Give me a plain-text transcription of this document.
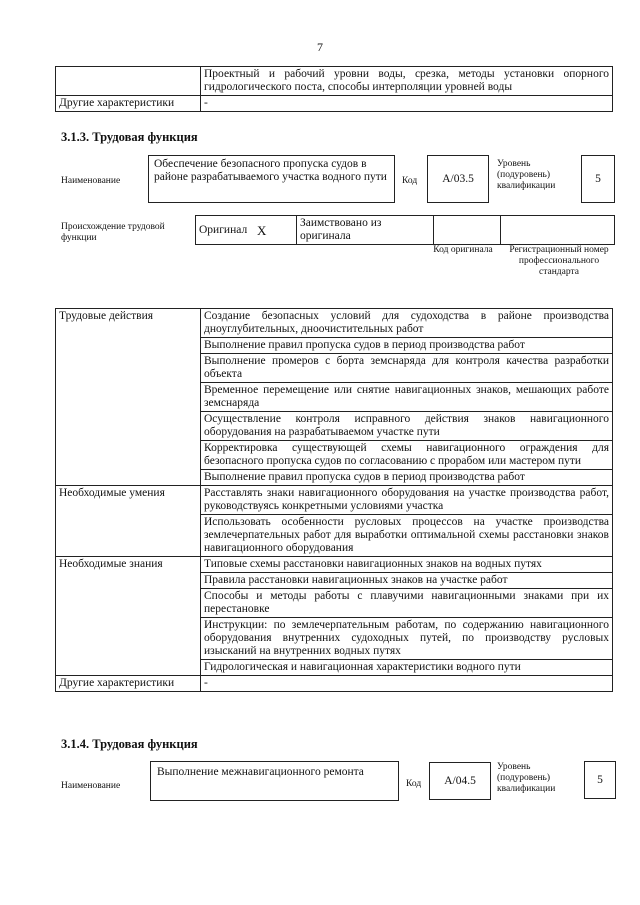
7
	Проектный и рабочий уровни воды, срезка, методы установки опорного гидрологического поста, способы интерполяции уровней воды
Другие характеристики	-
3.1.3. Трудовая функция
Наименование
Обеспечение безопасного пропуска судов в районе разрабатываемого участка водного пути	Код	A/03.5
Уровень (подуровень) квалификации
5
Происхождение трудовой функции
Оригинал	X	Заимствовано из оригинала		
Код оригинала	Регистрационный номер профессионального стандарта
Трудовые действия	Создание безопасных условий для судоходства в районе производства дноуглубительных, дноочистительных работ
	Выполнение правил пропуска судов в период производства работ
	Выполнение промеров с борта земснаряда для контроля качества разработки объекта
	Временное перемещение или снятие навигационных знаков, мешающих работе земснаряда
	Осуществление контроля исправного действия знаков навигационного оборудования на разрабатываемом участке пути
	Корректировка существующей схемы навигационного ограждения для безопасного пропуска судов по согласованию с прорабом или мастером пути
	Выполнение правил пропуска судов в период производства работ
Необходимые умения	Расставлять знаки навигационного оборудования на участке производства работ, руководствуясь конкретными условиями участка
	Использовать особенности русловых процессов на участке производства землечерпательных работ для выработки оптимальной схемы расстановки знаков навигационного оборудования
Необходимые знания	Типовые схемы расстановки навигационных знаков на водных путях
	Правила расстановки навигационных знаков на участке работ
	Способы и методы работы с плавучими навигационными знаками при их перестановке
	Инструкции: по землечерпательным работам, по содержанию навигационного оборудования внутренних судоходных путей, по производству русловых изысканий на внутренних водных путях
	Гидрологическая и навигационная характеристики водного пути
Другие характеристики	-
3.1.4. Трудовая функция
Наименование
Выполнение межнавигационного ремонта
Код	A/04.5
Уровень (подуровень) квалификации
5
